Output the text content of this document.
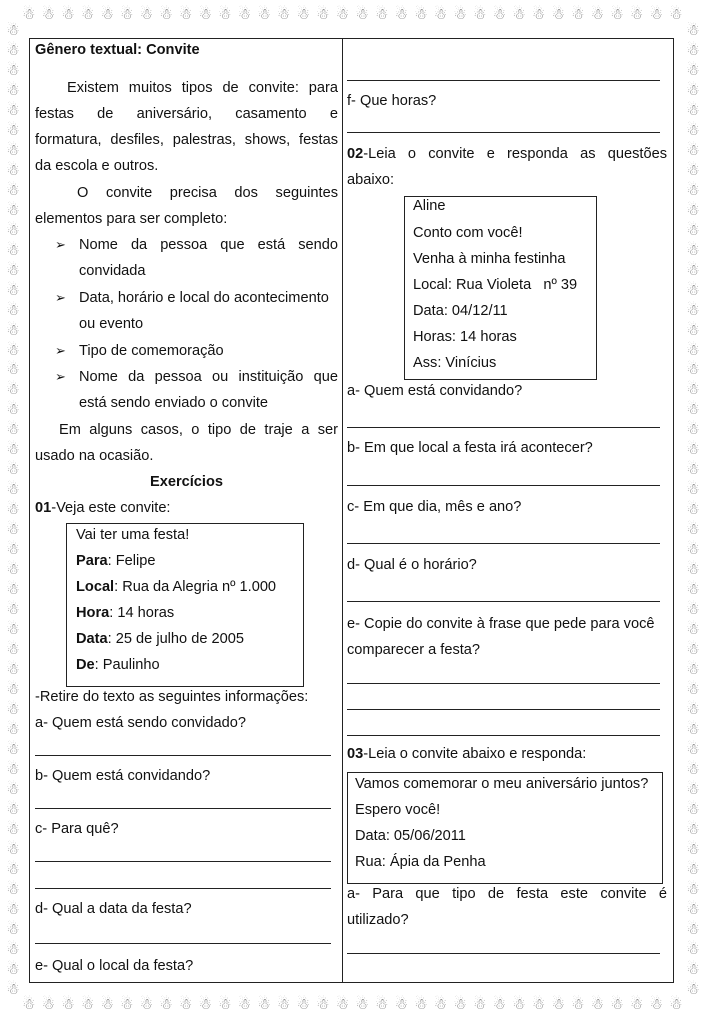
☃ ☃ ☃ ☃ ☃ ☃ ☃ ☃ ☃ ☃ ☃ ☃ ☃ ☃ ☃ ☃ ☃ ☃ ☃ ☃ ☃ ☃ ☃ ☃ ☃ ☃ ☃ ☃ ☃ ☃ ☃ ☃ ☃ ☃
☃ ☃ ☃ ☃ ☃ ☃ ☃ ☃ ☃ ☃ ☃ ☃ ☃ ☃ ☃ ☃ ☃ ☃ ☃ ☃ ☃ ☃ ☃ ☃ ☃ ☃ ☃ ☃ ☃ ☃ ☃ ☃ ☃ ☃
☃
☃
☃
☃
☃
☃
☃
☃
☃
☃
☃
☃
☃
☃
☃
☃
☃
☃
☃
☃
☃
☃
☃
☃
☃
☃
☃
☃
☃
☃
☃
☃
☃
☃
☃
☃
☃
☃
☃
☃
☃
☃
☃
☃
☃
☃
☃
☃
☃
☃
☃
☃
☃
☃
☃
☃
☃
☃
☃
☃
☃
☃
☃
☃
☃
☃
☃
☃
☃
☃
☃
☃
☃
☃
☃
☃
☃
☃
☃
☃
☃
☃
☃
☃
☃
☃
☃
☃
☃
☃
☃
☃
☃
☃
☃
☃
☃
☃
Gênero textual: Convite
Existem muitos tipos de convite: para
festas de aniversário, casamento e
formatura, desfiles, palestras, shows, festas
da escola e outros.
O convite precisa dos seguintes
elementos para ser completo:
➢ Nome da pessoa que está sendo
convidada
➢ Data, horário e local do acontecimento
ou evento
➢ Tipo de comemoração
➢ Nome da pessoa ou instituição que
está sendo enviado o convite
Em alguns casos, o tipo de traje a ser
usado na ocasião.
Exercícios
01-Veja este convite:
Vai ter uma festa!
Para: Felipe
Local: Rua da Alegria nº 1.000
Hora: 14 horas
Data: 25 de julho de 2005
De: Paulinho
-Retire do texto as seguintes informações:
a- Quem está sendo convidado?
b- Quem está convidando?
c- Para quê?
d- Qual a data da festa?
e- Qual o local da festa?
f- Que horas?
02-Leia o convite e responda as questões
abaixo:
Aline
Conto com você!
Venha à minha festinha
Local: Rua Violeta   nº 39
Data: 04/12/11
Horas: 14 horas
Ass: Vinícius
a- Quem está convidando?
b- Em que local a festa irá acontecer?
c- Em que dia, mês e ano?
d- Qual é o horário?
e- Copie do convite à frase que pede para você
comparecer a festa?
03-Leia o convite abaixo e responda:
Vamos comemorar o meu aniversário juntos?
Espero você!
Data: 05/06/2011
Rua: Ápia da Penha
a- Para que tipo de festa este convite é
utilizado?
